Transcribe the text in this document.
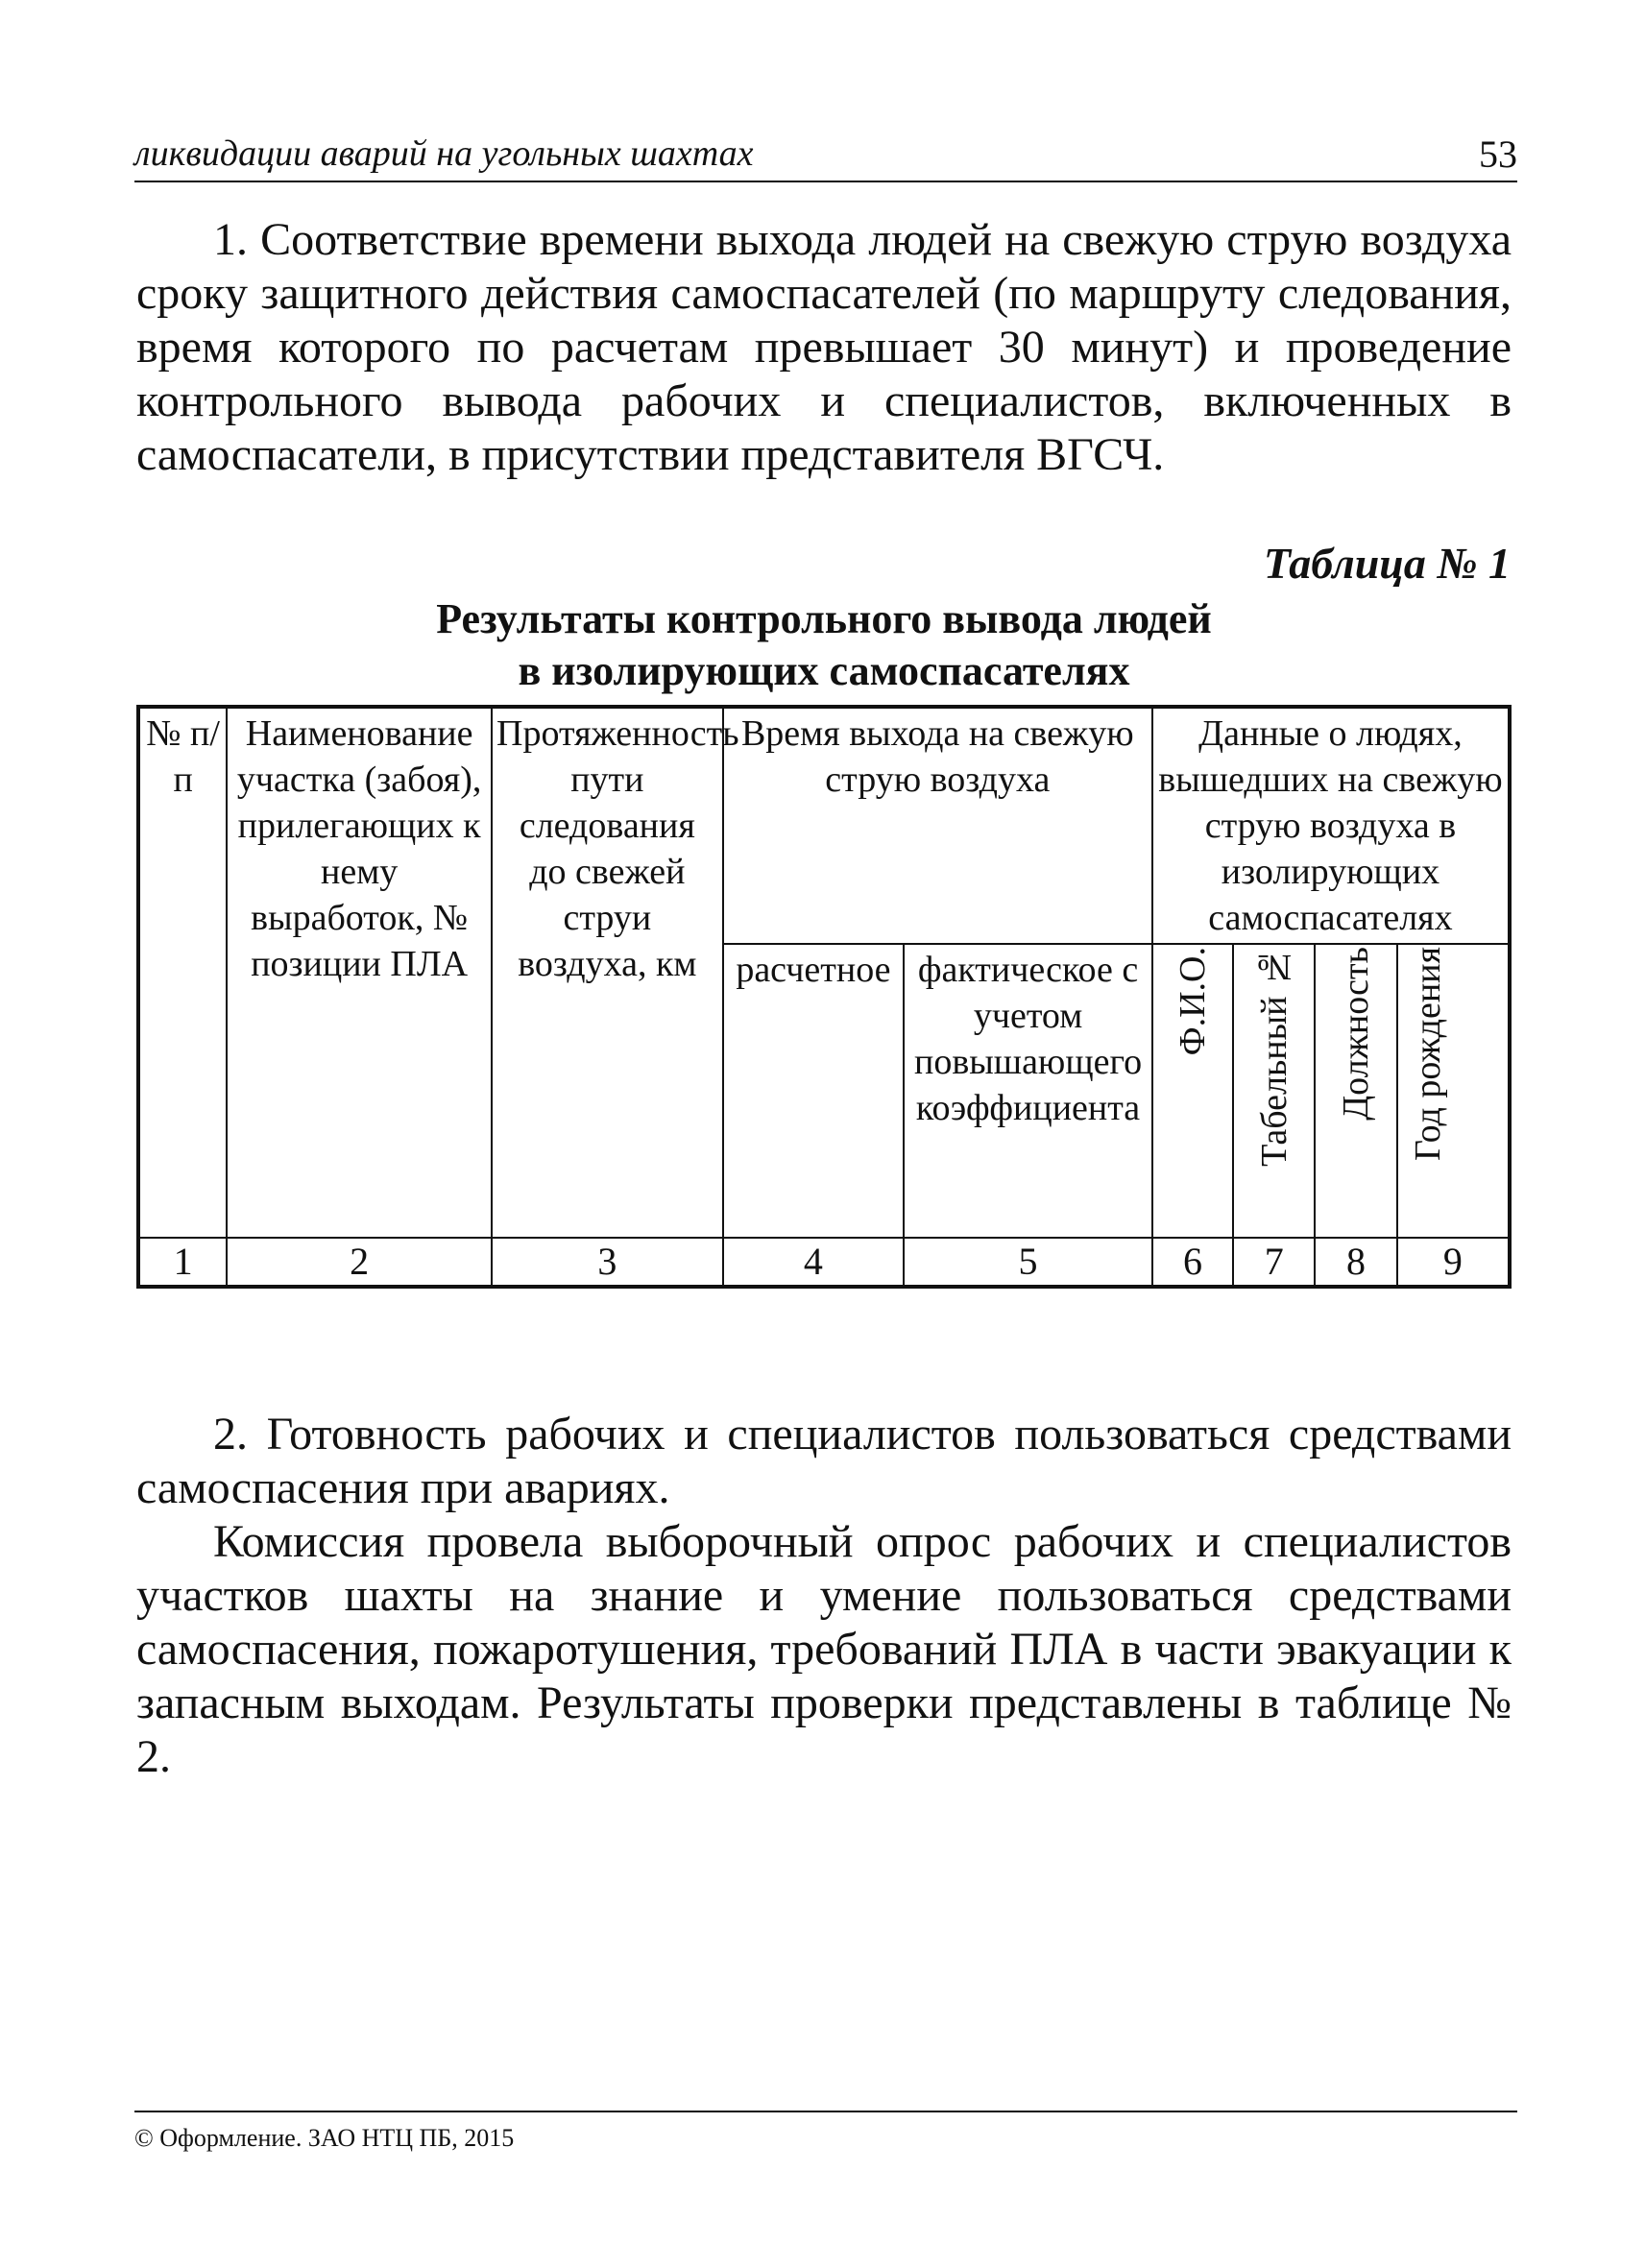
ликвидации аварий на угольных шахтах	53

1. Соответствие времени выхода людей на свежую струю воздуха сроку защитного действия самоспасателей (по маршруту следования, время которого по расчетам превышает 30 минут) и проведение контрольного вывода рабочих и специалистов, включенных в самоспасатели, в присутствии представителя ВГСЧ.

Таблица № 1
Результаты контрольного вывода людей
в изолирующих самоспасателях
№ п/п	Наименование участка (забоя), прилегающих к нему выработок, № позиции ПЛА	Протяженность пути следования до свежей струи воздуха, км	Время выхода на свежую струю воздуха		Данные о людях, вышедших на свежую струю воздуха в изолирующих самоспасателях			
			расчетное	фактическое с учетом повышающего коэффициента	Ф.И.О.	Табельный №	Должность	Год рождения
1	2	3	4	5	6	7	8	9

2. Готовность рабочих и специалистов пользоваться средствами самоспасения при авариях.

Комиссия провела выборочный опрос рабочих и специалистов участков шахты на знание и умение пользоваться средствами самоспасения, пожаротушения, требований ПЛА в части эвакуации к запасным выходам. Результаты проверки представлены в таблице № 2.

© Оформление. ЗАО НТЦ ПБ, 2015
